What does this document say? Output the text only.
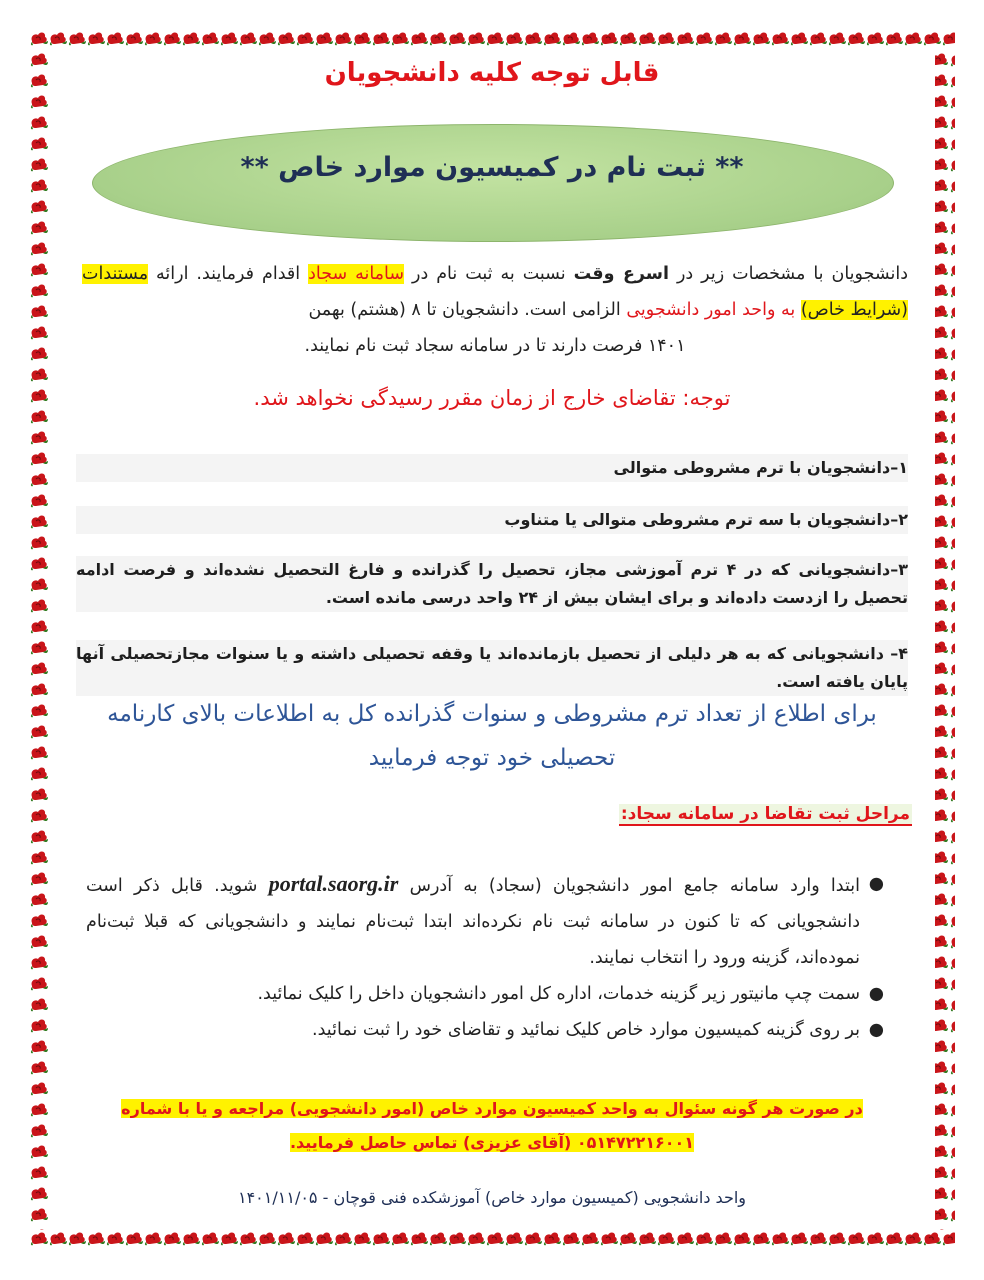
قابل توجه کلیه دانشجویان
** ثبت نام در کمیسیون موارد خاص **
دانشجویان با مشخصات زیر در اسرع وقت نسبت به ثبت نام در سامانه سجاد اقدام فرمایند. ارائه مستندات (شرایط خاص) به واحد امور دانشجویی الزامی است. دانشجویان تا ۸ (هشتم) بهمن
۱۴۰۱ فرصت دارند تا در سامانه سجاد ثبت نام نمایند.
توجه: تقاضای خارج از زمان مقرر رسیدگی نخواهد شد.
۱–دانشجویان با ترم مشروطی متوالی
۲–دانشجویان با سه ترم مشروطی متوالی یا متناوب
۳–دانشجویانی که در ۴ ترم آموزشی مجاز، تحصیل را گذرانده و فارغ التحصیل نشده‌اند و فرصت ادامه تحصیل را ازدست داده‌اند و برای ایشان بیش از ۲۴ واحد درسی مانده است.
۴– دانشجویانی که به هر دلیلی از تحصیل بازمانده‌اند یا وقفه تحصیلی داشته و یا سنوات مجازتحصیلی آنها پایان یافته است.
برای اطلاع از تعداد ترم مشروطی و سنوات گذرانده کل به اطلاعات بالای کارنامه تحصیلی خود توجه فرمایید
مراحل ثبت تقاضا در سامانه سجاد:
●
ابتدا وارد سامانه جامع امور دانشجویان (سجاد) به آدرس portal.saorg.ir شوید. قابل ذکر است دانشجویانی که تا کنون در سامانه ثبت نام نکرده‌اند ابتدا ثبت‌نام نمایند و دانشجویانی که قبلا ثبت‌نام نموده‌اند، گزینه ورود را انتخاب نمایند.
●
سمت چپ مانیتور زیر گزینه خدمات، اداره کل امور دانشجویان داخل را کلیک نمائید.
●
بر روی گزینه کمیسیون موارد خاص کلیک نمائید و تقاضای خود را ثبت نمائید.
در صورت هر گونه سئوال به واحد کمیسیون موارد خاص (امور دانشجویی) مراجعه و یا با شماره
۰۵۱۴۷۲۲۱۶۰۰۱ (آقای عزیزی) تماس حاصل فرمایید.
واحد دانشجویی (کمیسیون موارد خاص) آموزشکده فنی قوچان - ۱۴۰۱/۱۱/۰۵
